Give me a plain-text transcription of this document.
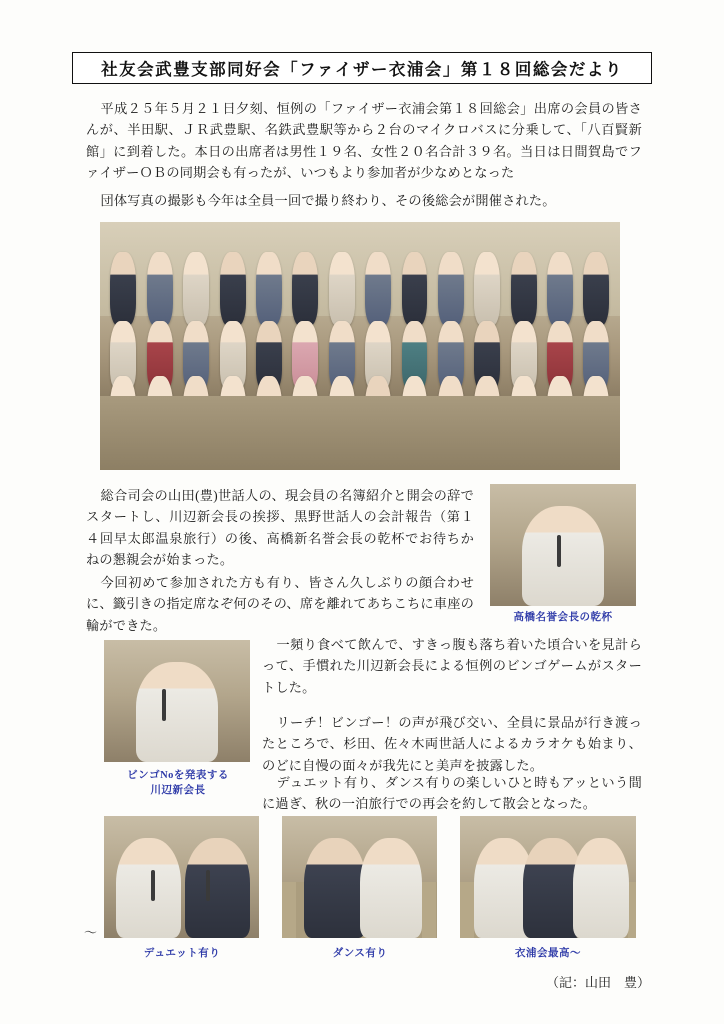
社友会武豊支部同好会「ファイザー衣浦会」第１８回総会だより
平成２５年５月２１日夕刻、恒例の「ファイザー衣浦会第１８回総会」出席の会員の皆さんが、半田駅、ＪＲ武豊駅、名鉄武豊駅等から２台のマイクロバスに分乗して、「八百賢新館」に到着した。本日の出席者は男性１９名、女性２０名合計３９名。当日は日間賀島でファイザーＯＢの同期会も有ったが、いつもより参加者が少なめとなった
団体写真の撮影も今年は全員一回で撮り終わり、その後総会が開催された。
総合司会の山田(豊)世話人の、現会員の名簿紹介と開会の辞でスタートし、川辺新会長の挨拶、黒野世話人の会計報告（第１４回早太郎温泉旅行）の後、高橋新名誉会長の乾杯でお待ちかねの懇親会が始まった。
今回初めて参加された方も有り、皆さん久しぶりの顔合わせに、籤引きの指定席なぞ何のその、席を離れてあちこちに車座の輪ができた。
高橋名誉会長の乾杯
ビンゴNoを発表する
川辺新会長
一頻り食べて飲んで、すきっ腹も落ち着いた頃合いを見計らって、手慣れた川辺新会長による恒例のビンゴゲームがスタートした。
リーチ！ビンゴー！の声が飛び交い、全員に景品が行き渡ったところで、杉田、佐々木両世話人によるカラオケも始まり、のどに自慢の面々が我先にと美声を披露した。
デュエット有り、ダンス有りの楽しいひと時もアッという間に過ぎ、秋の一泊旅行での再会を約して散会となった。
デュエット有り	ダンス有り	衣浦会最高〜
〜
（記：山田　豊）
